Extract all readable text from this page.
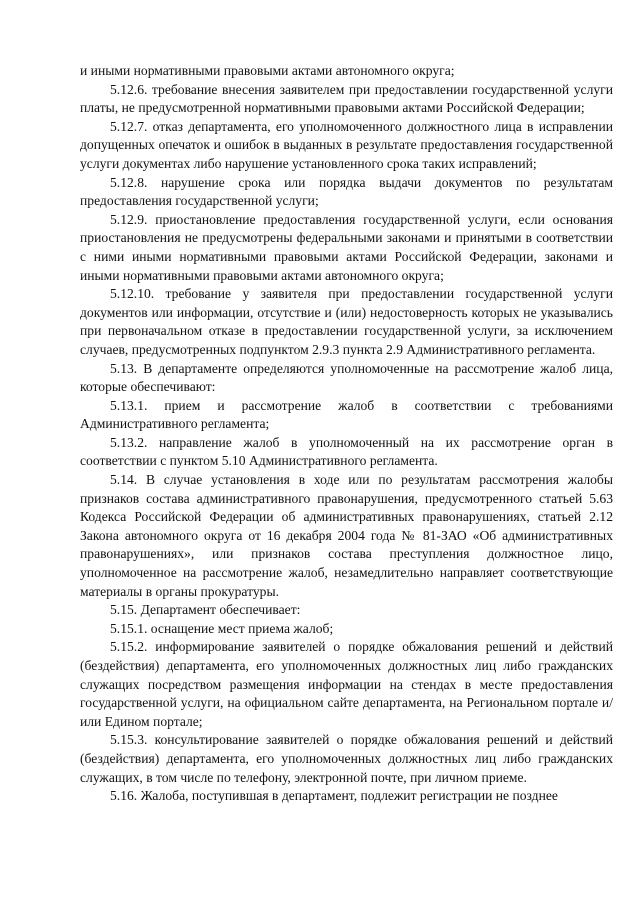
и иными нормативными правовыми актами автономного округа;

5.12.6. требование внесения заявителем при предоставлении государственной услуги платы, не предусмотренной нормативными правовыми актами Российской Федерации;

5.12.7. отказ департамента, его уполномоченного должностного лица в исправлении допущенных опечаток и ошибок в выданных в результате предоставления государственной услуги документах либо нарушение установленного срока таких исправлений;

5.12.8. нарушение срока или порядка выдачи документов по результатам предоставления государственной услуги;

5.12.9. приостановление предоставления государственной услуги, если основания приостановления не предусмотрены федеральными законами и принятыми в соответствии с ними иными нормативными правовыми актами Российской Федерации, законами и иными нормативными правовыми актами автономного округа;

5.12.10. требование у заявителя при предоставлении государственной услуги документов или информации, отсутствие и (или) недостоверность которых не указывались при первоначальном отказе в предоставлении государственной услуги, за исключением случаев, предусмотренных подпунктом 2.9.3 пункта 2.9 Административного регламента.

5.13. В департаменте определяются уполномоченные на рассмотрение жалоб лица, которые обеспечивают:

5.13.1. прием и рассмотрение жалоб в соответствии с требованиями Административного регламента;

5.13.2. направление жалоб в уполномоченный на их рассмотрение орган в соответствии с пунктом 5.10 Административного регламента.

5.14. В случае установления в ходе или по результатам рассмотрения жалобы признаков состава административного правонарушения, предусмотренного статьей 5.63 Кодекса Российской Федерации об административных правонарушениях, статьей 2.12 Закона автономного округа от 16 декабря 2004 года № 81-ЗАО «Об административных правонарушениях», или признаков состава преступления должностное лицо, уполномоченное на рассмотрение жалоб, незамедлительно направляет соответствующие материалы в органы прокуратуры.

5.15. Департамент обеспечивает:

5.15.1. оснащение мест приема жалоб;

5.15.2. информирование заявителей о порядке обжалования решений и действий (бездействия) департамента, его уполномоченных должностных лиц либо гражданских служащих посредством размещения информации на стендах в месте предоставления государственной услуги, на официальном сайте департамента, на Региональном портале и/или Едином портале;

5.15.3. консультирование заявителей о порядке обжалования решений и действий (бездействия) департамента, его уполномоченных должностных лиц либо гражданских служащих, в том числе по телефону, электронной почте, при личном приеме.

5.16. Жалоба, поступившая в департамент, подлежит регистрации не позднее
